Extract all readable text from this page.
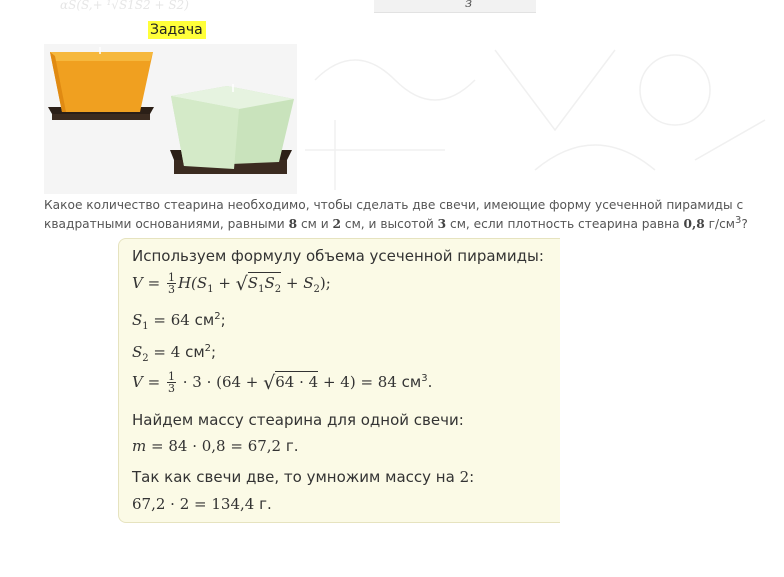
з
αS(S,+ ¹√S1S2 + S2)
Задача
Какое количество стеарина необходимо, чтобы сделать две свечи, имеющие форму усеченной пирамиды с
квадратными основаниями, равными 8 см и 2 см, и высотой 3 см, если плотность стеарина равна 0,8 $г/см^3$?
Используем формулу объема усеченной пирамиды:
$V = \frac{1}{3} H(S_1 + √S_1S_2 + S_2)$;
$S_1 = 64$ $см^2$;
$S_2 = 4$ $см^2$;
$V = \frac{1}{3} \cdot 3 \cdot (64 + √64 \cdot 4 + 4) = 84$ $см^3$.
Найдем массу стеарина для одной свечи:
m = 84 · 0,8 = 67,2 г.
Так как свечи две, то умножим массу на 2:
67,2 · 2 = 134,4 г.
